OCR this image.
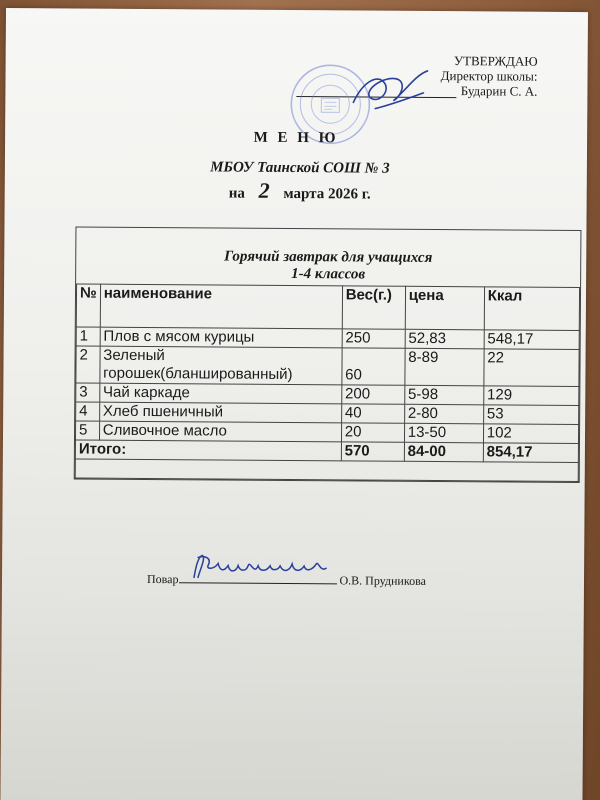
УТВЕРЖДАЮ
Директор школы:
Бударин С. А.
М Е Н Ю
МБОУ Таинской СОШ № 3
на 2 марта 2026 г.
Горячий завтрак для учащихся
1-4 классов
№	наименование	Вес(г.)	цена	Ккал
1	Плов с мясом курицы	250	52,83	548,17
2	Зеленый горошек(бланшированный)	60	8-89	22
3	Чай каркаде	200	5-98	129
4	Хлеб пшеничный	40	2-80	53
5	Сливочное масло	20	13-50	102
Итого:		570	84-00	854,17

Повар	О.В. Прудникова
